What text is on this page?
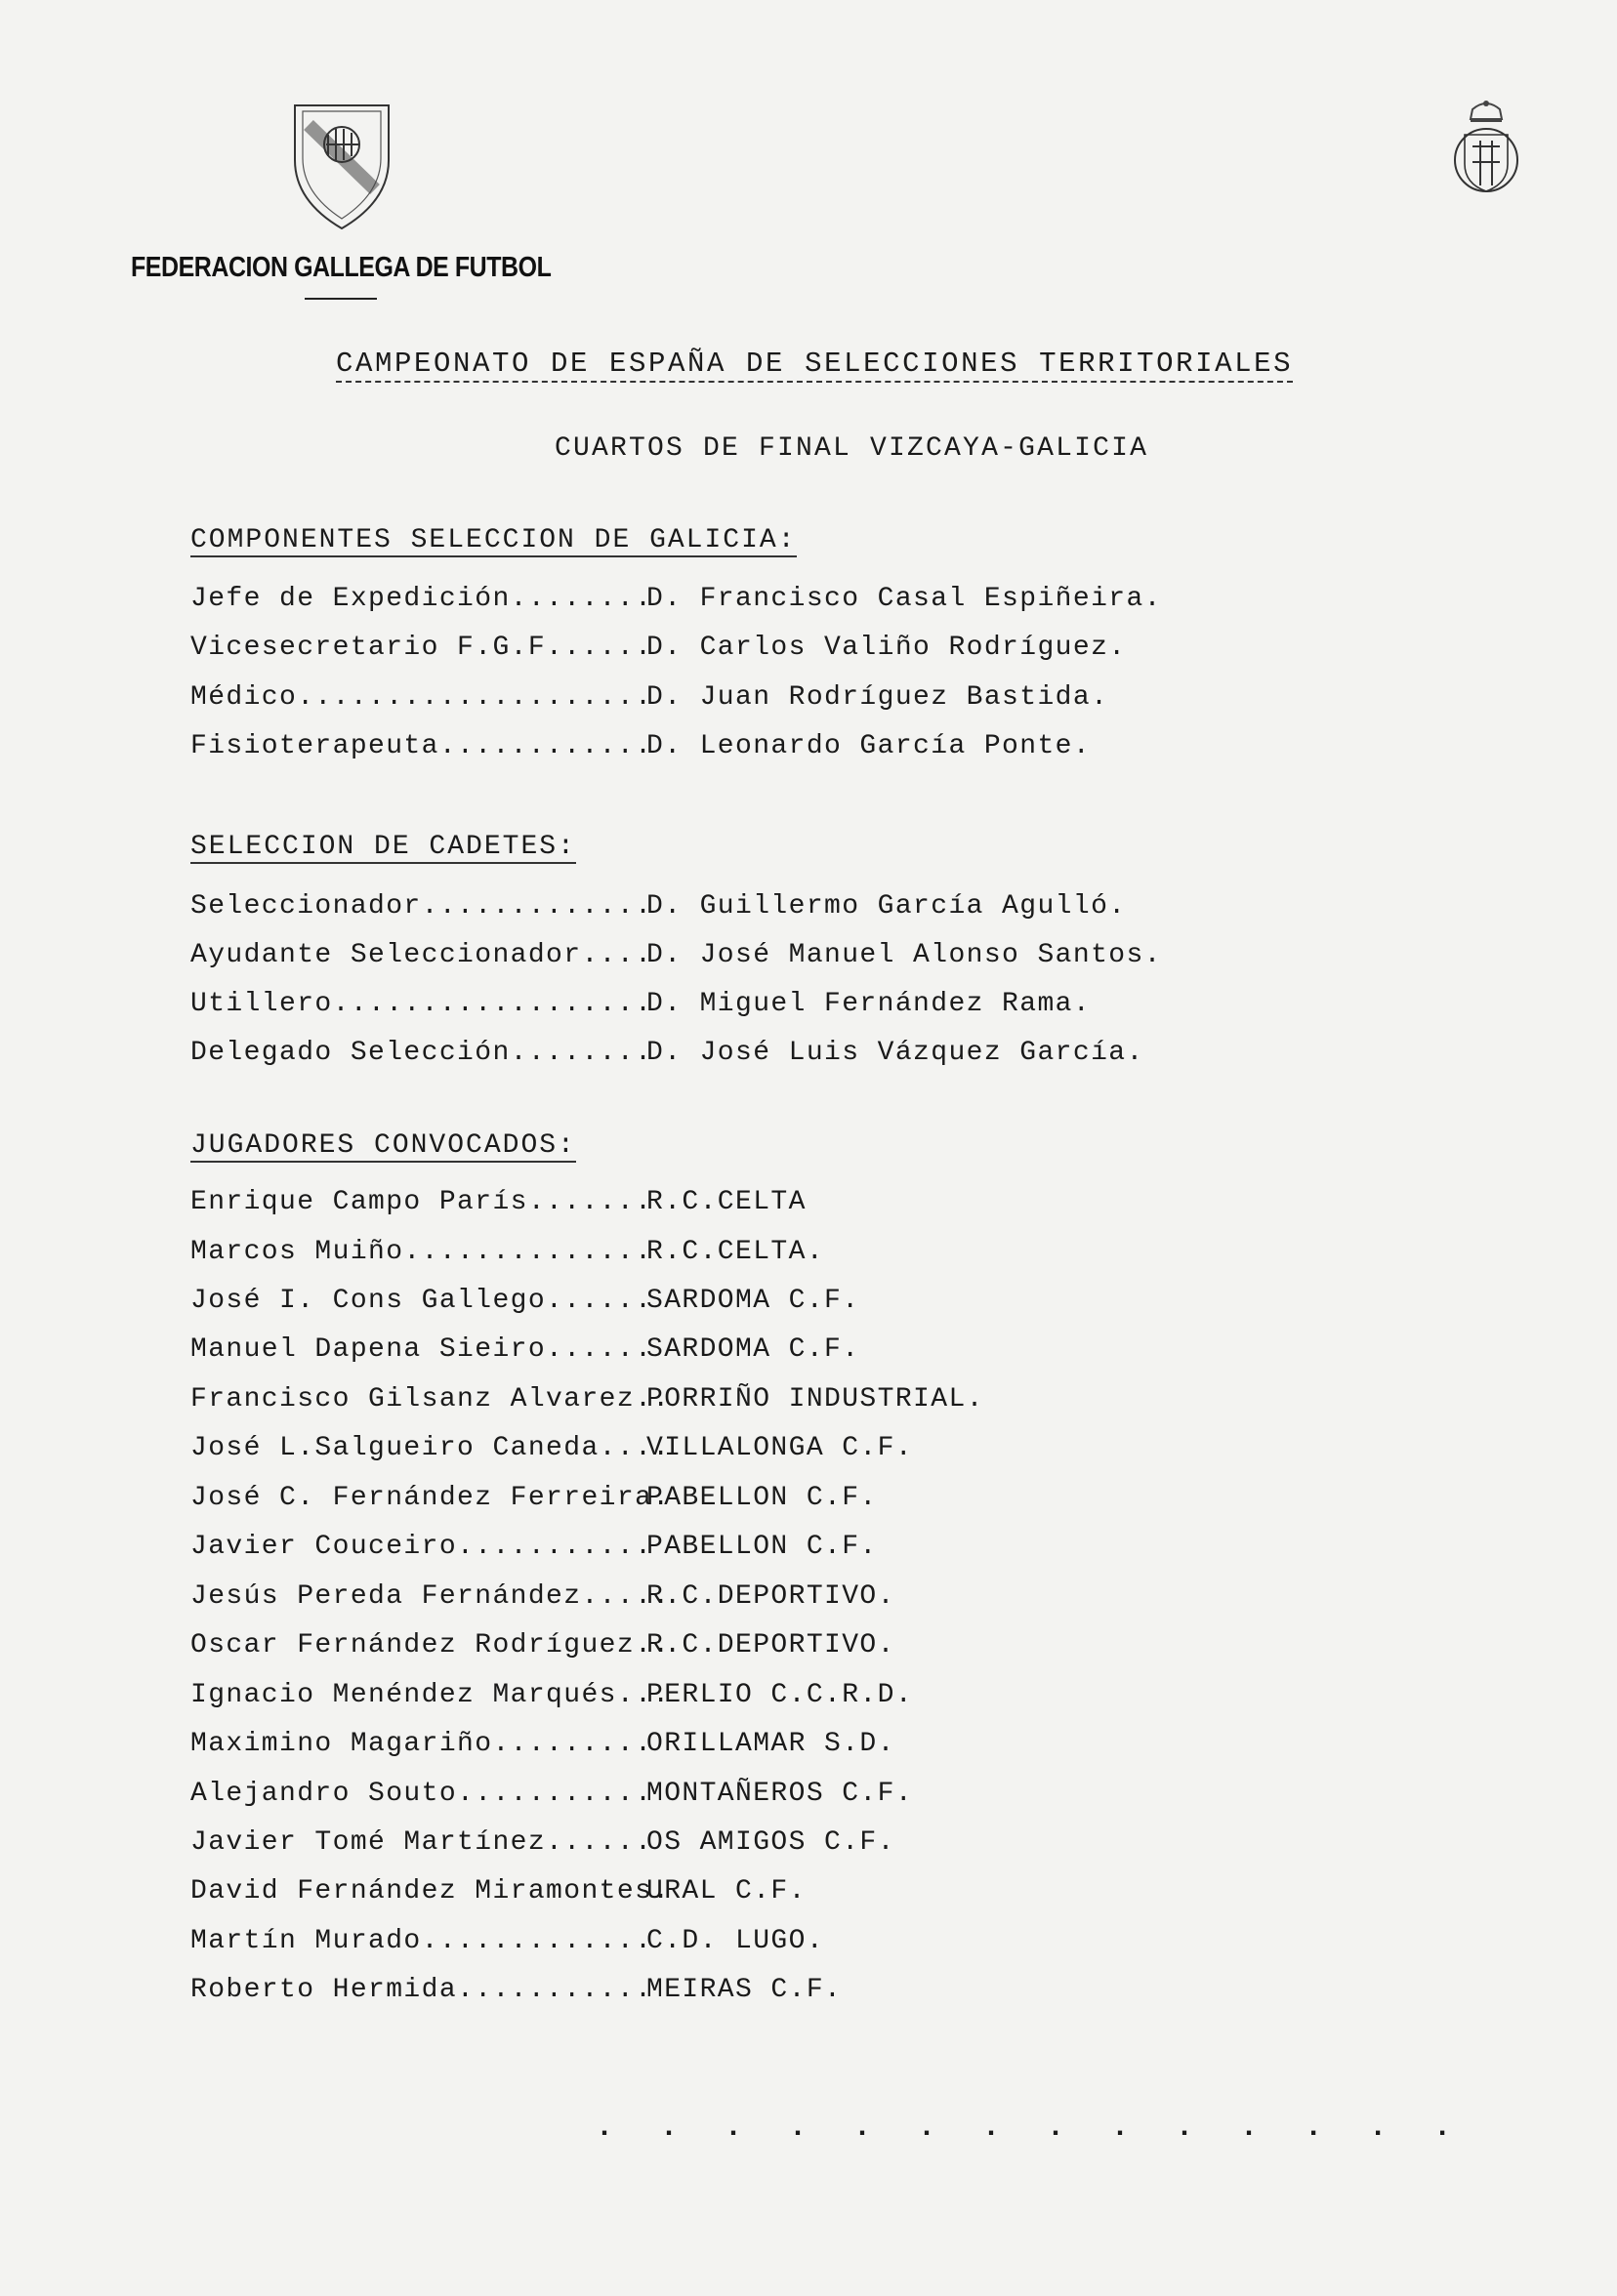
FEDERACION GALLEGA DE FUTBOL
CAMPEONATO DE ESPAÑA DE SELECCIONES TERRITORIALES
CUARTOS DE FINAL VIZCAYA-GALICIA
COMPONENTES SELECCION DE GALICIA:

Jefe de Expedición........

D. Francisco Casal Espiñeira.

Vicesecretario F.G.F......

D. Carlos Valiño Rodríguez.

Médico....................

D. Juan Rodríguez Bastida.

Fisioterapeuta............

D. Leonardo García Ponte.

SELECCION DE CADETES:

Seleccionador.............

D. Guillermo García Agulló.

Ayudante Seleccionador....

D. José Manuel Alonso Santos.

Utillero..................

D. Miguel Fernández Rama.

Delegado Selección........

D. José Luis Vázquez García.

JUGADORES CONVOCADOS:

Enrique Campo París.......

R.C.CELTA

Marcos Muiño..............

R.C.CELTA.

José I. Cons Gallego......

SARDOMA C.F.

Manuel Dapena Sieiro......

SARDOMA C.F.

Francisco Gilsanz Alvarez..

PORRIÑO INDUSTRIAL.

José L.Salgueiro Caneda....

VILLALONGA C.F.

José C. Fernández Ferreira.

PABELLON C.F.

Javier Couceiro...........

PABELLON C.F.

Jesús Pereda Fernández.....

R.C.DEPORTIVO.

Oscar Fernández Rodríguez..

R.C.DEPORTIVO.

Ignacio Menéndez Marqués...

PERLIO C.C.R.D.

Maximino Magariño.........

ORILLAMAR S.D.

Alejandro Souto...........

MONTAÑEROS C.F.

Javier Tomé Martínez......

OS AMIGOS C.F.

David Fernández Miramontes.

URAL C.F.

Martín Murado.............

C.D. LUGO.

Roberto Hermida...........

MEIRAS C.F.

. . . . . . . . . . . . . .
